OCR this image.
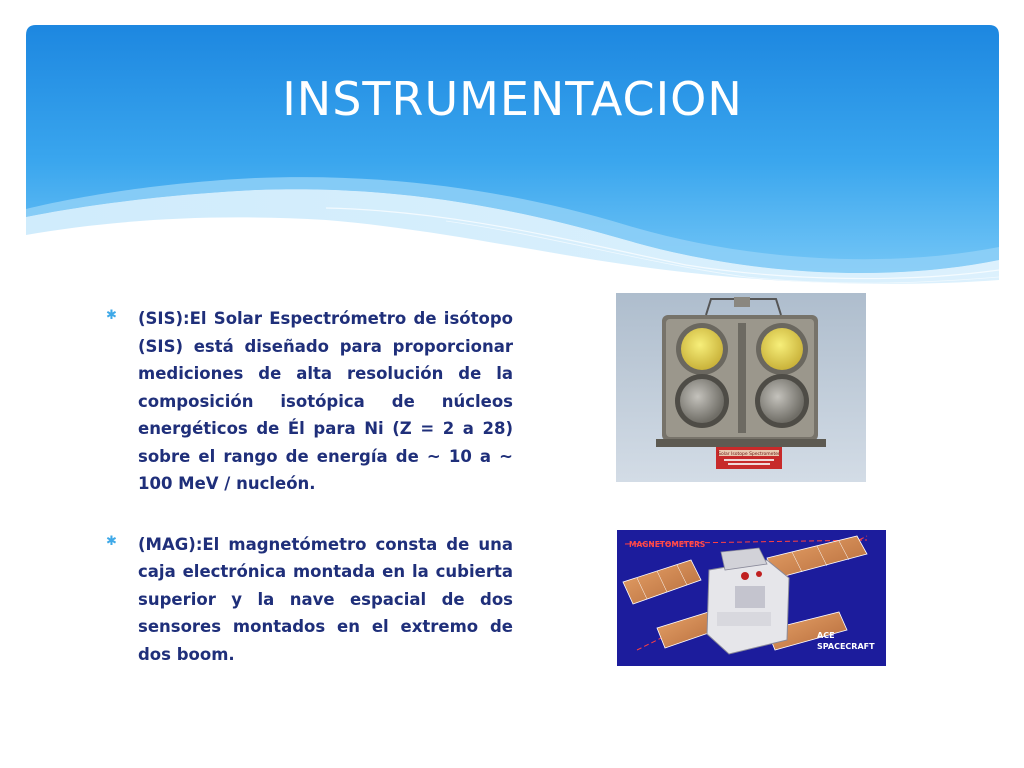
INSTRUMENTACION
✱ (SIS):El Solar Espectrómetro de isótopo (SIS) está diseñado para proporcionar mediciones de alta resolución de la composición isotópica de núcleos energéticos de Él para Ni (Z = 2 a 28) sobre el rango de energía de ~ 10 a ~ 100 MeV / nucleón.
✱ (MAG):El magnetómetro consta de una caja electrónica montada en la cubierta superior y la nave espacial de dos sensores montados en el extremo de dos boom.
Solar Isotope Spectrometer
MAGNETOMETERS
ACE
SPACECRAFT
